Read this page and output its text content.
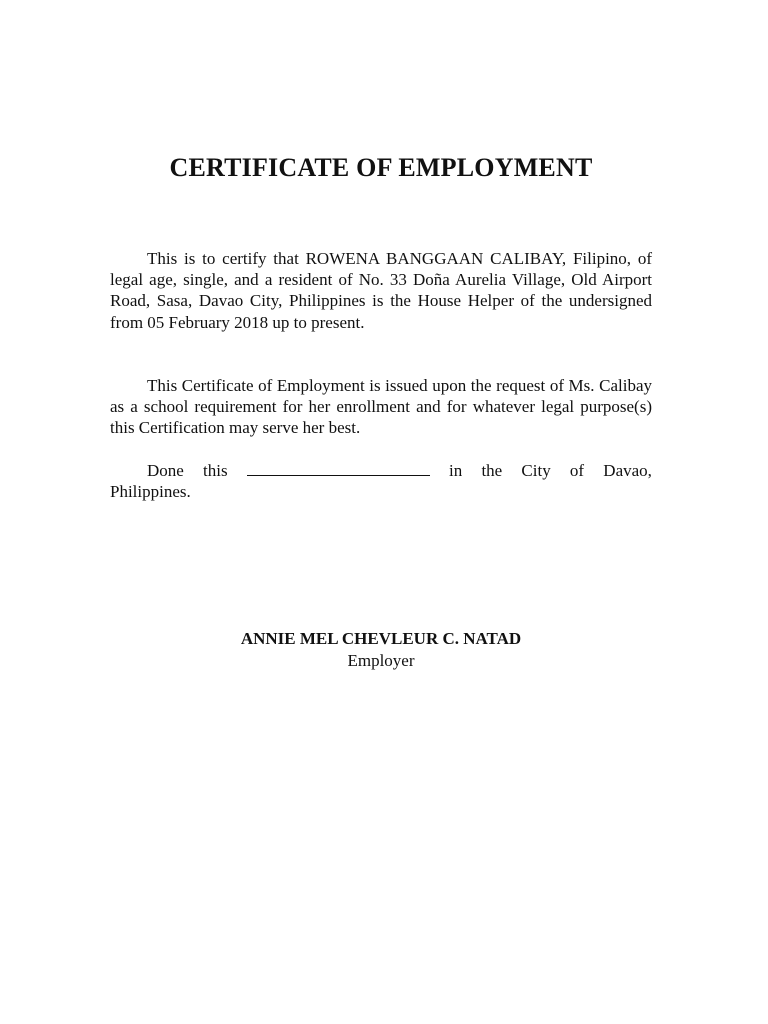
CERTIFICATE OF EMPLOYMENT

This is to certify that ROWENA BANGGAAN CALIBAY, Filipino, of legal age, single, and a resident of No. 33 Doña Aurelia Village, Old Airport Road, Sasa, Davao City, Philippines is the House Helper of the undersigned from 05 February 2018 up to present.

This Certificate of Employment is issued upon the request of Ms. Calibay as a school requirement for her enrollment and for whatever legal purpose(s) this Certification may serve her best.

Done this	in the City of Davao,
Philippines.
ANNIE MEL CHEVLEUR C. NATAD
Employer
